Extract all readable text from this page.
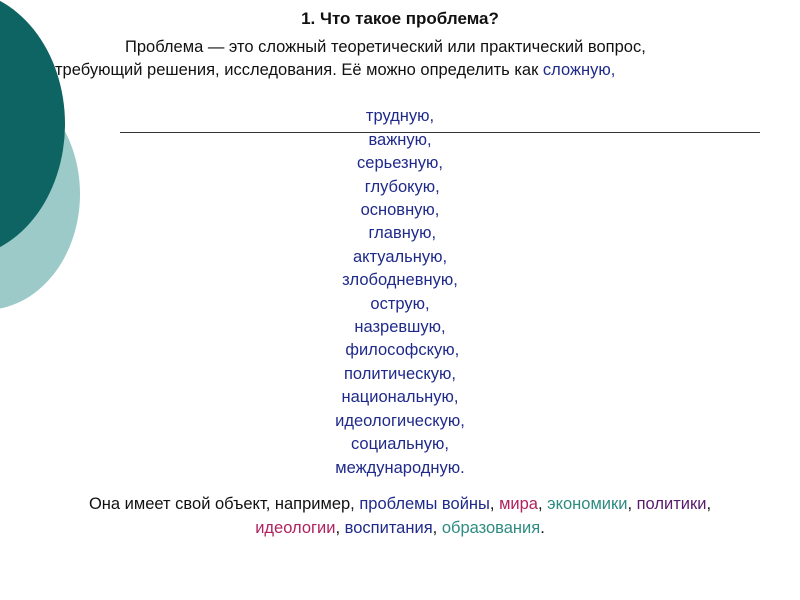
1. Что такое проблема?
Проблема — это сложный теоретический или практический вопрос,
требующий решения, исследования. Её можно определить как сложную,

трудную,
важную,
серьезную,
глубокую,
основную,
главную,
актуальную,
злободневную,
острую,
назревшую,
философскую,
политическую,
национальную,
идеологическую,
социальную,
международную.
Она имеет свой объект, например, проблемы войны, мира, экономики, политики,
идеологии, воспитания, образования.
